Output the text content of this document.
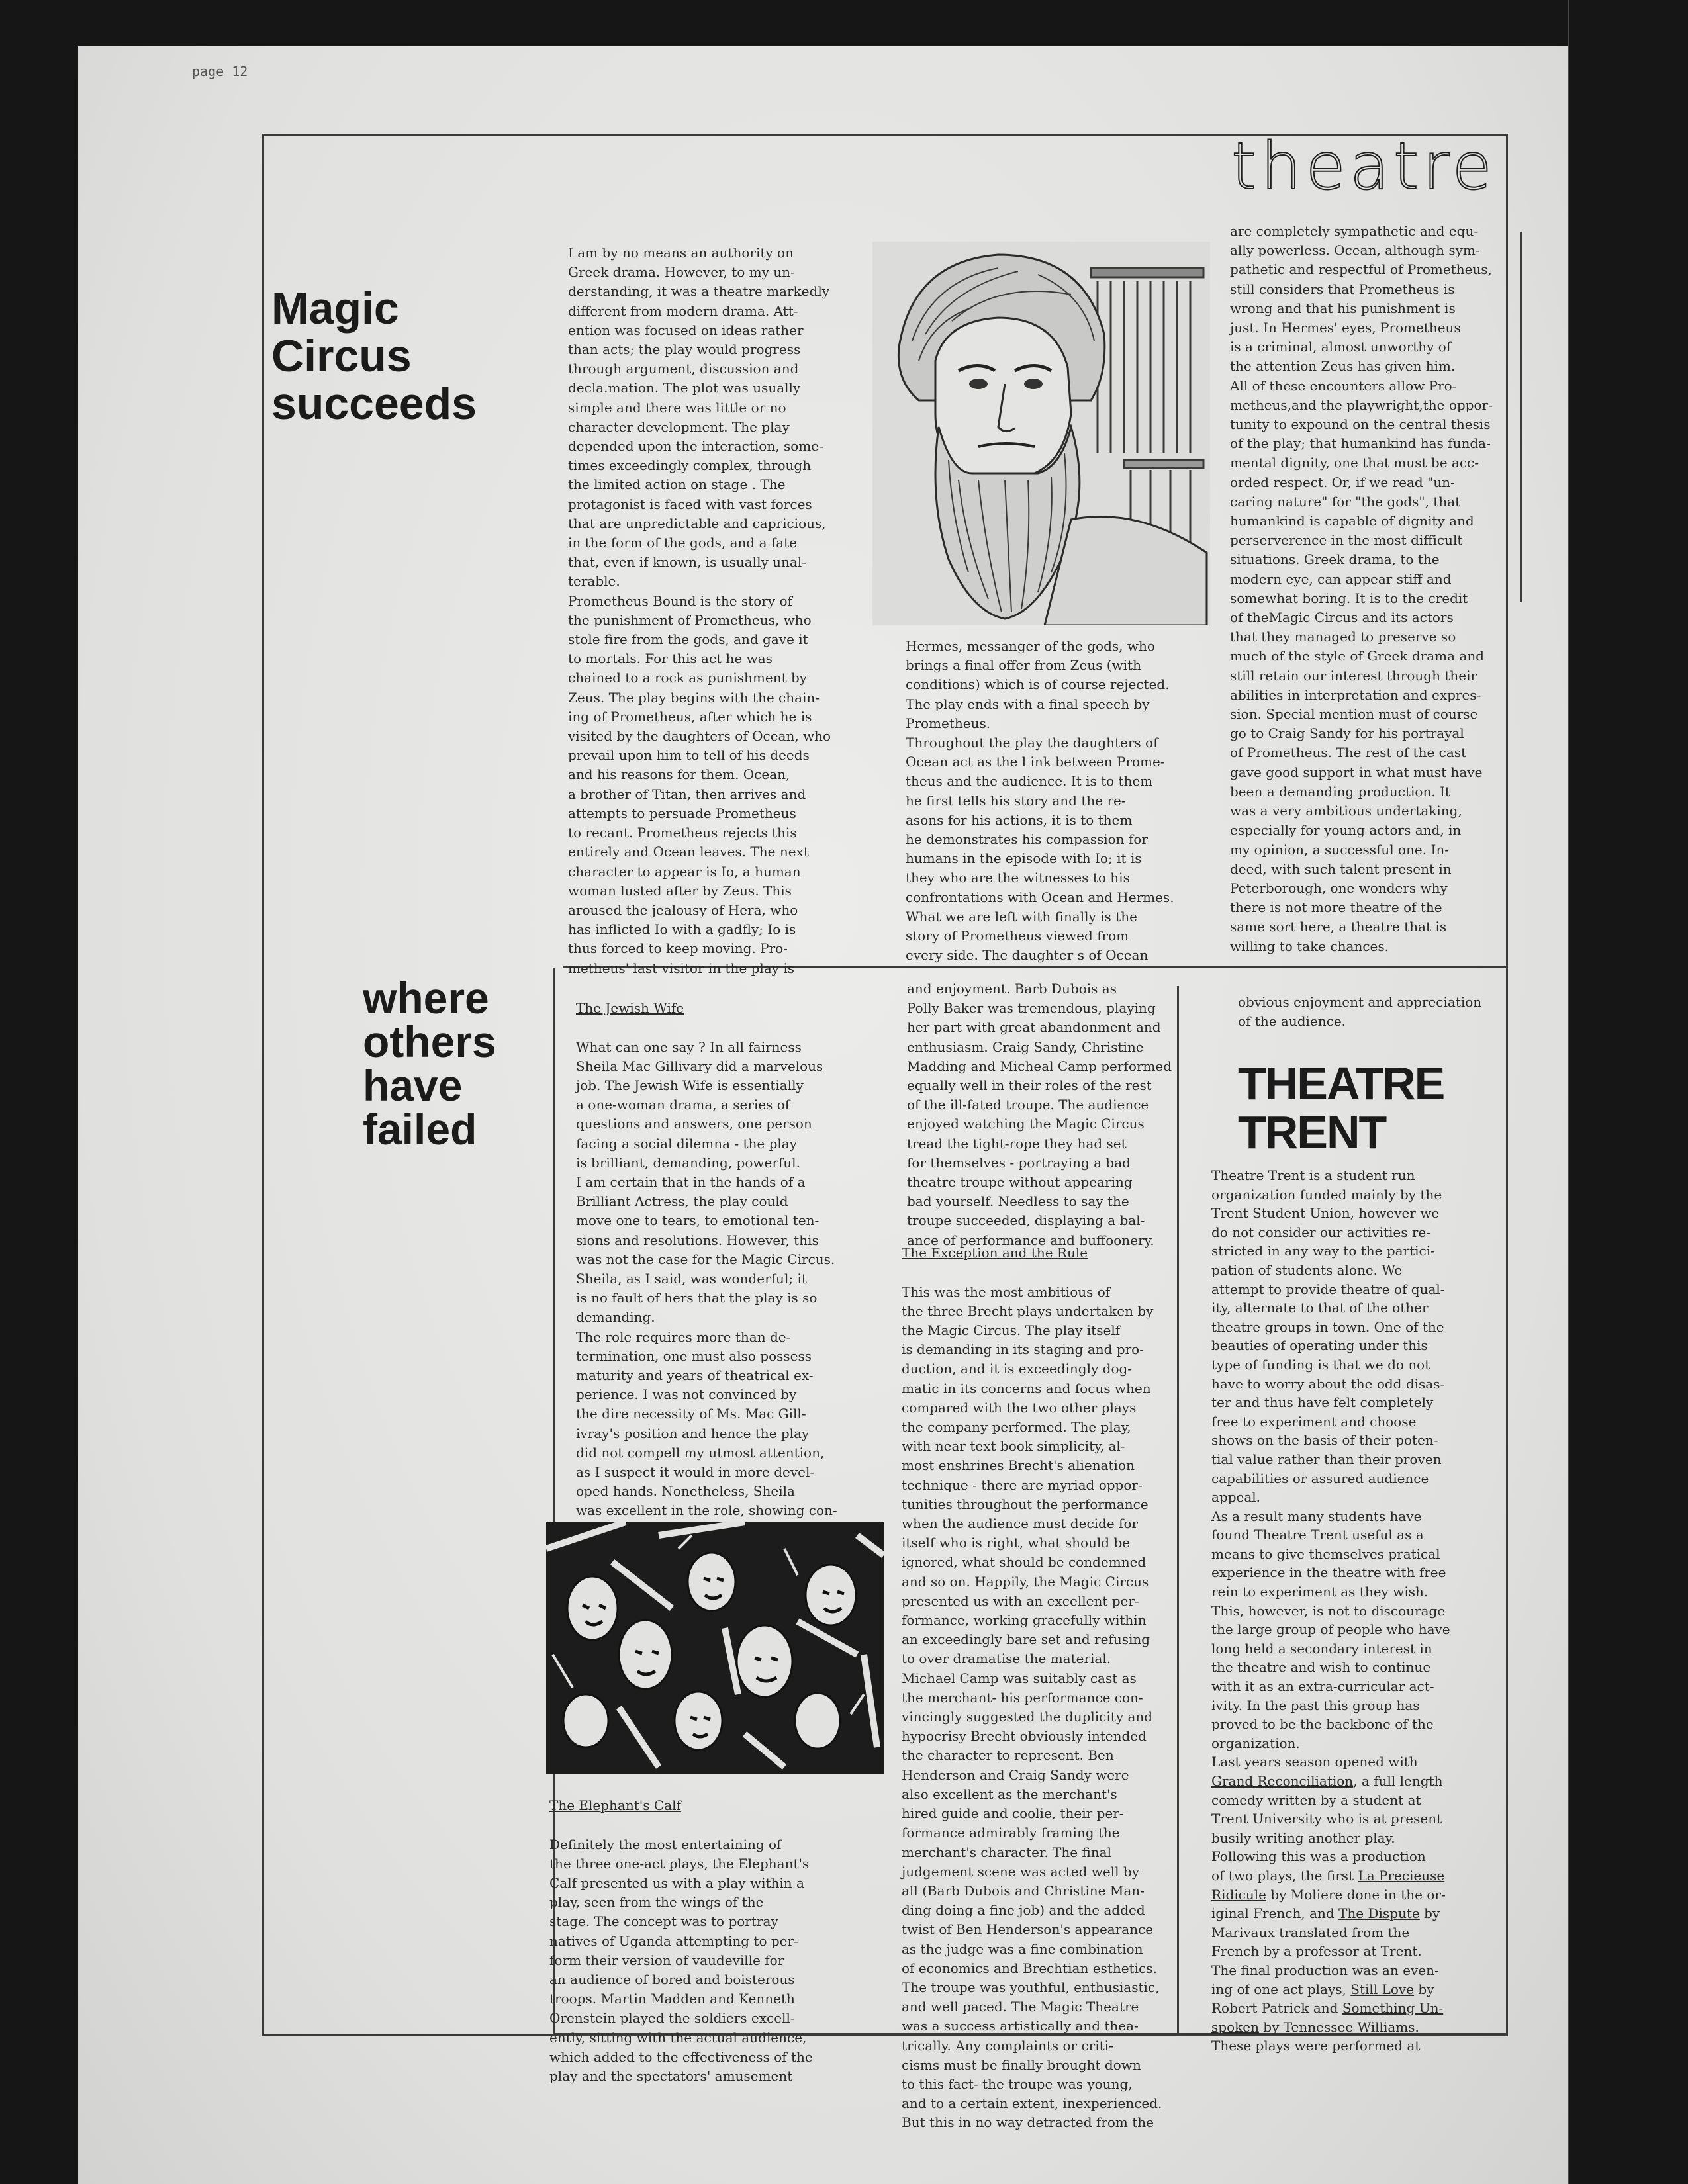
page 12
theatre
Magic
Circus
succeeds
where
others
have
failed
THEATRE
TRENT
I am by no means an authority on
Greek drama. However, to my un-
derstanding, it was a theatre markedly
different from modern drama. Att-
ention was focused on ideas rather
than acts; the play would progress
through argument, discussion and
decla.mation. The plot was usually
simple and there was little or no
character development. The play
depended upon the interaction, some-
times exceedingly complex, through
the limited action on stage . The
protagonist is faced with vast forces
that are unpredictable and capricious,
in the form of the gods, and a fate
that, even if known, is usually unal-
terable.
Prometheus Bound is the story of
the punishment of Prometheus, who
stole fire from the gods, and gave it
to mortals. For this act he was
chained to a rock as punishment by
Zeus. The play begins with the chain-
ing of Prometheus, after which he is
visited by the daughters of Ocean, who
prevail upon him to tell of his deeds
and his reasons for them. Ocean,
a brother of Titan, then arrives and
attempts to persuade Prometheus
to recant. Prometheus rejects this
entirely and Ocean leaves. The next
character to appear is Io, a human
woman lusted after by Zeus. This
aroused the jealousy of Hera, who
has inflicted Io with a gadfly; Io is
thus forced to keep moving. Pro-
metheus' last visitor in the play is
Hermes, messanger of the gods, who
brings a final offer from Zeus (with
conditions) which is of course rejected.
The play ends with a final speech by
Prometheus.
Throughout the play the daughters of
Ocean act as the l ink between Prome-
theus and the audience. It is to them
he first tells his story and the re-
asons for his actions, it is to them
he demonstrates his compassion for
humans in the episode with Io; it is
they who are the witnesses to his
confrontations with Ocean and Hermes.
What we are left with finally is the
story of Prometheus viewed from
every side. The daughter s of Ocean
are completely sympathetic and equ-
ally powerless. Ocean, although sym-
pathetic and respectful of Prometheus,
still considers that Prometheus is
wrong and that his punishment is
just. In Hermes' eyes, Prometheus
is a criminal, almost unworthy of
the attention Zeus has given him.
All of these encounters allow Pro-
metheus,and the playwright,the oppor-
tunity to expound on the central thesis
of the play; that humankind has funda-
mental dignity, one that must be acc-
orded respect. Or, if we read "un-
caring nature" for "the gods", that
humankind is capable of dignity and
perserverence in the most difficult
situations. Greek drama, to the
modern eye, can appear stiff and
somewhat boring. It is to the credit
of theMagic Circus and its actors
that they managed to preserve so
much of the style of Greek drama and
still retain our interest through their
abilities in interpretation and expres-
sion. Special mention must of course
go to Craig Sandy for his portrayal
of Prometheus. The rest of the cast
gave good support in what must have
been a demanding production. It
was a very ambitious undertaking,
especially for young actors and, in
my opinion, a successful one. In-
deed, with such talent present in
Peterborough, one wonders why
there is not more theatre of the
same sort here, a theatre that is
willing to take chances.

The Jewish Wife

What can one say ? In all fairness
Sheila Mac Gillivary did a marvelous
job. The Jewish Wife is essentially
a one-woman drama, a series of
questions and answers, one person
facing a social dilemna - the play
is brilliant, demanding, powerful.
I am certain that in the hands of a
Brilliant Actress, the play could
move one to tears, to emotional ten-
sions and resolutions. However, this
was not the case for the Magic Circus.
Sheila, as I said, was wonderful; it
is no fault of hers that the play is so
demanding.
The role requires more than de-
termination, one must also possess
maturity and years of theatrical ex-
perience. I was not convinced by
the dire necessity of Ms. Mac Gill-
ivray's position and hence the play
did not compell my utmost attention,
as I suspect it would in more devel-
oped hands. Nonetheless, Sheila
was excellent in the role, showing con-

The Elephant's Calf

Definitely the most entertaining of
the three one-act plays, the Elephant's
Calf presented us with a play within a
play, seen from the wings of the
stage. The concept was to portray
natives of Uganda attempting to per-
form their version of vaudeville for
an audience of bored and boisterous
troops. Martin Madden and Kenneth
Orenstein played the soldiers excell-
ently, sitting with the actual audience,
which added to the effectiveness of the
play and the spectators' amusement

and enjoyment. Barb Dubois as
Polly Baker was tremendous, playing
her part with great abandonment and
enthusiasm. Craig Sandy, Christine
Madding and Micheal Camp performed
equally well in their roles of the rest
of the ill-fated troupe. The audience
enjoyed watching the Magic Circus
tread the tight-rope they had set
for themselves - portraying a bad
theatre troupe without appearing
bad yourself. Needless to say the
troupe succeeded, displaying a bal-
ance of performance and buffoonery.

The Exception and the Rule

This was the most ambitious of
the three Brecht plays undertaken by
the Magic Circus. The play itself
is demanding in its staging and pro-
duction, and it is exceedingly dog-
matic in its concerns and focus when
compared with the two other plays
the company performed. The play,
with near text book simplicity, al-
most enshrines Brecht's alienation
technique - there are myriad oppor-
tunities throughout the performance
when the audience must decide for
itself who is right, what should be
ignored, what should be condemned
and so on. Happily, the Magic Circus
presented us with an excellent per-
formance, working gracefully within
an exceedingly bare set and refusing
to over dramatise the material.
Michael Camp was suitably cast as
the merchant- his performance con-
vincingly suggested the duplicity and
hypocrisy Brecht obviously intended
the character to represent. Ben
Henderson and Craig Sandy were
also excellent as the merchant's
hired guide and coolie, their per-
formance admirably framing the
merchant's character. The final
judgement scene was acted well by
all (Barb Dubois and Christine Man-
ding doing a fine job) and the added
twist of Ben Henderson's appearance
as the judge was a fine combination
of economics and Brechtian esthetics.
The troupe was youthful, enthusiastic,
and well paced. The Magic Theatre
was a success artistically and thea-
trically. Any complaints or criti-
cisms must be finally brought down
to this fact- the troupe was young,
and to a certain extent, inexperienced.
But this in no way detracted from the

obvious enjoyment and appreciation
of the audience.
Theatre Trent is a student run
organization funded mainly by the
Trent Student Union, however we
do not consider our activities re-
stricted in any way to the partici-
pation of students alone. We
attempt to provide theatre of qual-
ity, alternate to that of the other
theatre groups in town. One of the
beauties of operating under this
type of funding is that we do not
have to worry about the odd disas-
ter and thus have felt completely
free to experiment and choose
shows on the basis of their poten-
tial value rather than their proven
capabilities or assured audience
appeal.
As a result many students have
found Theatre Trent useful as a
means to give themselves pratical
experience in the theatre with free
rein to experiment as they wish.
This, however, is not to discourage
the large group of people who have
long held a secondary interest in
the theatre and wish to continue
with it as an extra-curricular act-
ivity. In the past this group has
proved to be the backbone of the
organization.
Last years season opened with
Grand Reconciliation, a full length
comedy written by a student at
Trent University who is at present
busily writing another play.
Following this was a production
of two plays, the first La Precieuse
Ridicule by Moliere done in the or-
iginal French, and The Dispute by
Marivaux translated from the
French by a professor at Trent.
The final production was an even-
ing of one act plays, Still Love by
Robert Patrick and Something Un-
spoken by Tennessee Williams.
These plays were performed at
